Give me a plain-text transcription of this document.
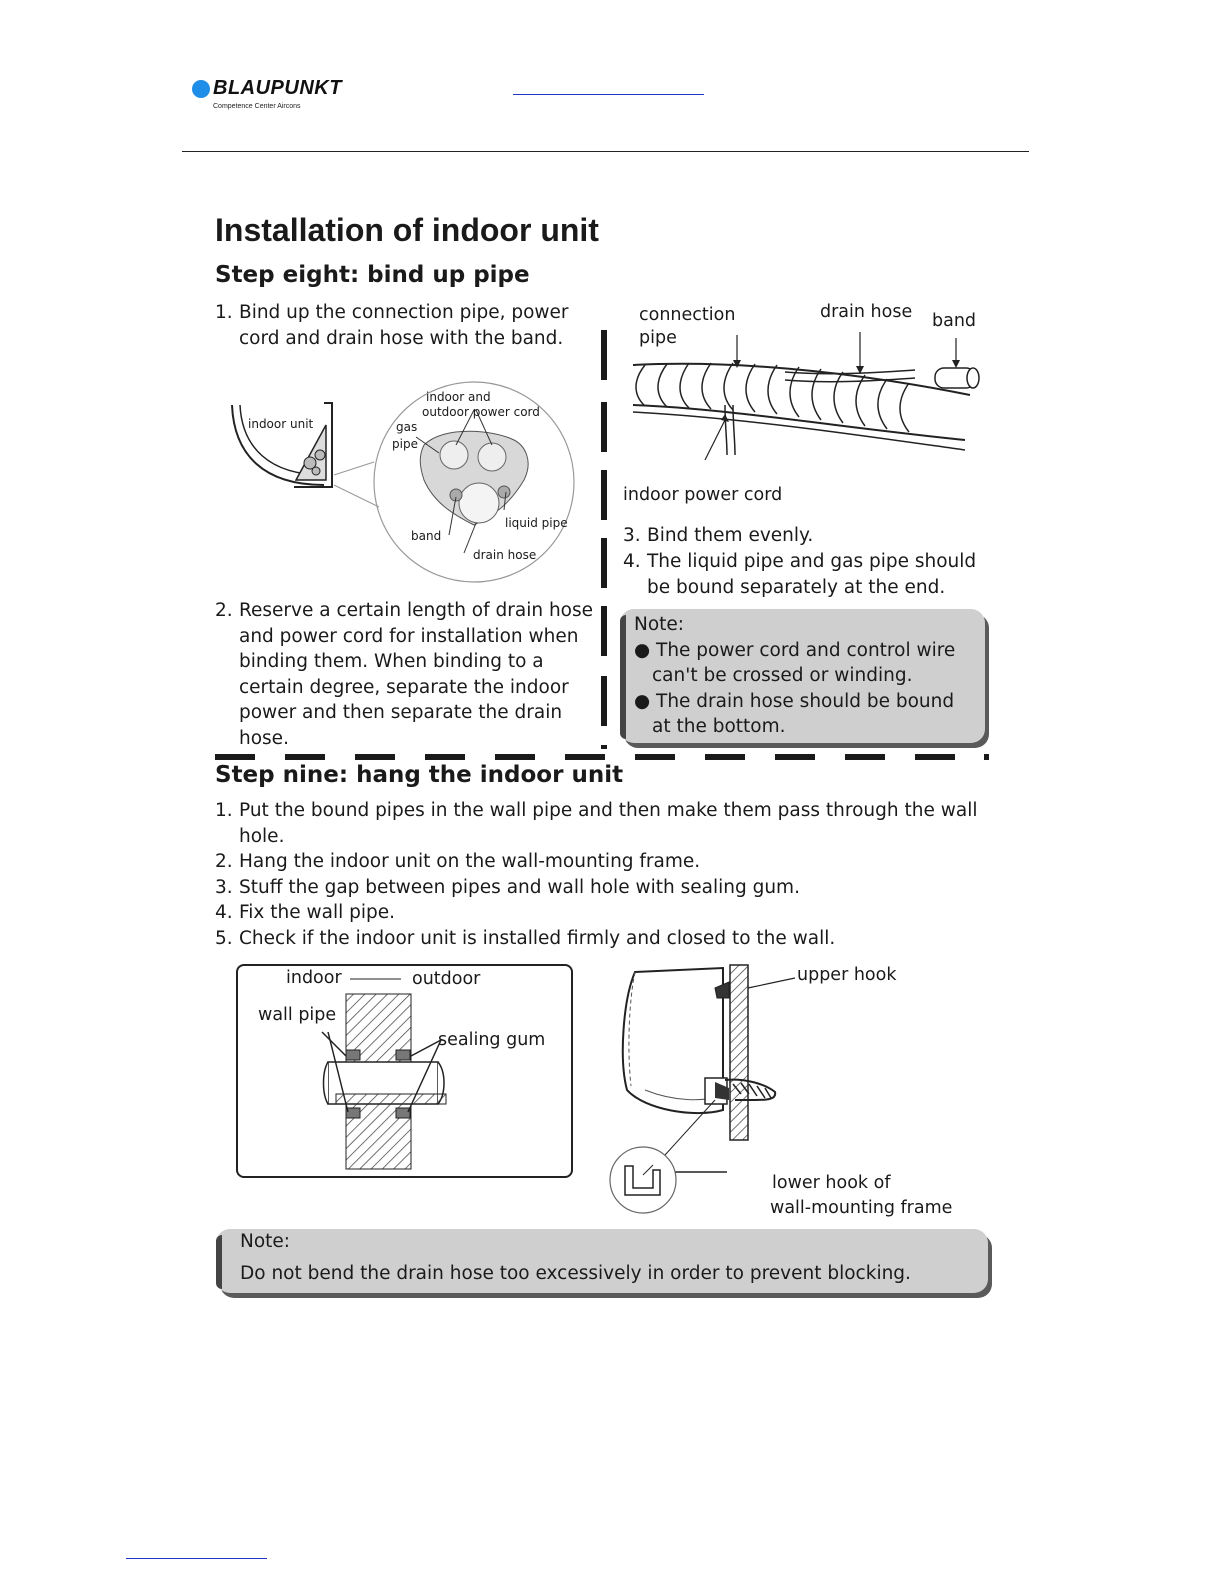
BLAUPUNKT
Competence Center Aircons
Installation of indoor unit
Step eight: bind up pipe
1. Bind up the connection pipe, power cord and drain hose with the band.
indoor unit
indoor and
outdoor power cord
gas
pipe
liquid pipe
band
drain hose
2. Reserve a certain length of drain hose and power cord for installation when binding them. When binding to a certain degree, separate the indoor power and then separate the drain hose.
connection
pipe
drain hose band
indoor power cord
3. Bind them evenly.
4. The liquid pipe and gas pipe should be bound separately at the end.
Note:
● The power cord and control wire
can't be crossed or winding.
● The drain hose should be bound
at the bottom.
Step nine: hang the indoor unit
1. Put the bound pipes in the wall pipe and then make them pass through the wall hole.
2. Hang the indoor unit on the wall-mounting frame.
3. Stuff the gap between pipes and wall hole with sealing gum.
4. Fix the wall pipe.
5. Check if the indoor unit is installed firmly and closed to the wall.
indoor	outdoor
wall pipe
sealing gum
upper hook
lower hook of
wall-mounting frame
Note:
Do not bend the drain hose too excessively in order to prevent blocking.
